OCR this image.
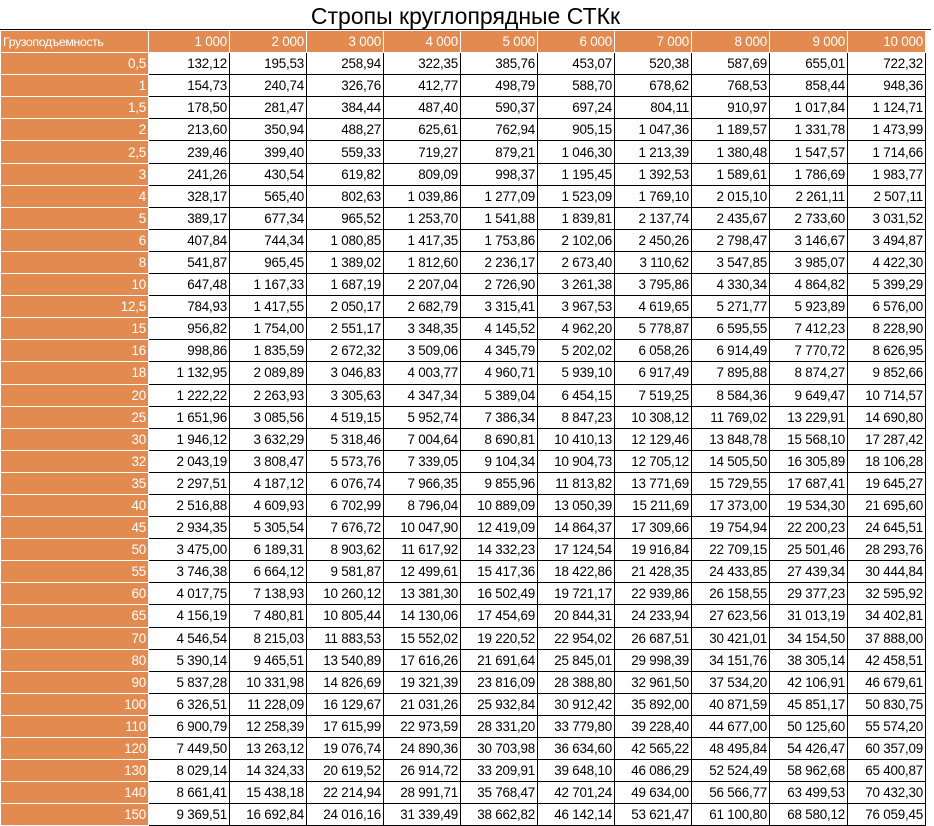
Стропы круглопрядные СТКк
Грузоподъемность	1 000	2 000	3 000	4 000	5 000	6 000	7 000	8 000	9 000	10 000
0,5	132,12	195,53	258,94	322,35	385,76	453,07	520,38	587,69	655,01	722,32
1	154,73	240,74	326,76	412,77	498,79	588,70	678,62	768,53	858,44	948,36
1,5	178,50	281,47	384,44	487,40	590,37	697,24	804,11	910,97	1 017,84	1 124,71
2	213,60	350,94	488,27	625,61	762,94	905,15	1 047,36	1 189,57	1 331,78	1 473,99
2,5	239,46	399,40	559,33	719,27	879,21	1 046,30	1 213,39	1 380,48	1 547,57	1 714,66
3	241,26	430,54	619,82	809,09	998,37	1 195,45	1 392,53	1 589,61	1 786,69	1 983,77
4	328,17	565,40	802,63	1 039,86	1 277,09	1 523,09	1 769,10	2 015,10	2 261,11	2 507,11
5	389,17	677,34	965,52	1 253,70	1 541,88	1 839,81	2 137,74	2 435,67	2 733,60	3 031,52
6	407,84	744,34	1 080,85	1 417,35	1 753,86	2 102,06	2 450,26	2 798,47	3 146,67	3 494,87
8	541,87	965,45	1 389,02	1 812,60	2 236,17	2 673,40	3 110,62	3 547,85	3 985,07	4 422,30
10	647,48	1 167,33	1 687,19	2 207,04	2 726,90	3 261,38	3 795,86	4 330,34	4 864,82	5 399,29
12,5	784,93	1 417,55	2 050,17	2 682,79	3 315,41	3 967,53	4 619,65	5 271,77	5 923,89	6 576,00
15	956,82	1 754,00	2 551,17	3 348,35	4 145,52	4 962,20	5 778,87	6 595,55	7 412,23	8 228,90
16	998,86	1 835,59	2 672,32	3 509,06	4 345,79	5 202,02	6 058,26	6 914,49	7 770,72	8 626,95
18	1 132,95	2 089,89	3 046,83	4 003,77	4 960,71	5 939,10	6 917,49	7 895,88	8 874,27	9 852,66
20	1 222,22	2 263,93	3 305,63	4 347,34	5 389,04	6 454,15	7 519,25	8 584,36	9 649,47	10 714,57
25	1 651,96	3 085,56	4 519,15	5 952,74	7 386,34	8 847,23	10 308,12	11 769,02	13 229,91	14 690,80
30	1 946,12	3 632,29	5 318,46	7 004,64	8 690,81	10 410,13	12 129,46	13 848,78	15 568,10	17 287,42
32	2 043,19	3 808,47	5 573,76	7 339,05	9 104,34	10 904,73	12 705,12	14 505,50	16 305,89	18 106,28
35	2 297,51	4 187,12	6 076,74	7 966,35	9 855,96	11 813,82	13 771,69	15 729,55	17 687,41	19 645,27
40	2 516,88	4 609,93	6 702,99	8 796,04	10 889,09	13 050,39	15 211,69	17 373,00	19 534,30	21 695,60
45	2 934,35	5 305,54	7 676,72	10 047,90	12 419,09	14 864,37	17 309,66	19 754,94	22 200,23	24 645,51
50	3 475,00	6 189,31	8 903,62	11 617,92	14 332,23	17 124,54	19 916,84	22 709,15	25 501,46	28 293,76
55	3 746,38	6 664,12	9 581,87	12 499,61	15 417,36	18 422,86	21 428,35	24 433,85	27 439,34	30 444,84
60	4 017,75	7 138,93	10 260,12	13 381,30	16 502,49	19 721,17	22 939,86	26 158,55	29 377,23	32 595,92
65	4 156,19	7 480,81	10 805,44	14 130,06	17 454,69	20 844,31	24 233,94	27 623,56	31 013,19	34 402,81
70	4 546,54	8 215,03	11 883,53	15 552,02	19 220,52	22 954,02	26 687,51	30 421,01	34 154,50	37 888,00
80	5 390,14	9 465,51	13 540,89	17 616,26	21 691,64	25 845,01	29 998,39	34 151,76	38 305,14	42 458,51
90	5 837,28	10 331,98	14 826,69	19 321,39	23 816,09	28 388,80	32 961,50	37 534,20	42 106,91	46 679,61
100	6 326,51	11 228,09	16 129,67	21 031,26	25 932,84	30 912,42	35 892,00	40 871,59	45 851,17	50 830,75
110	6 900,79	12 258,39	17 615,99	22 973,59	28 331,20	33 779,80	39 228,40	44 677,00	50 125,60	55 574,20
120	7 449,50	13 263,12	19 076,74	24 890,36	30 703,98	36 634,60	42 565,22	48 495,84	54 426,47	60 357,09
130	8 029,14	14 324,33	20 619,52	26 914,72	33 209,91	39 648,10	46 086,29	52 524,49	58 962,68	65 400,87
140	8 661,41	15 438,18	22 214,94	28 991,71	35 768,47	42 701,24	49 634,00	56 566,77	63 499,53	70 432,30
150	9 369,51	16 692,84	24 016,16	31 339,49	38 662,82	46 142,14	53 621,47	61 100,80	68 580,12	76 059,45
